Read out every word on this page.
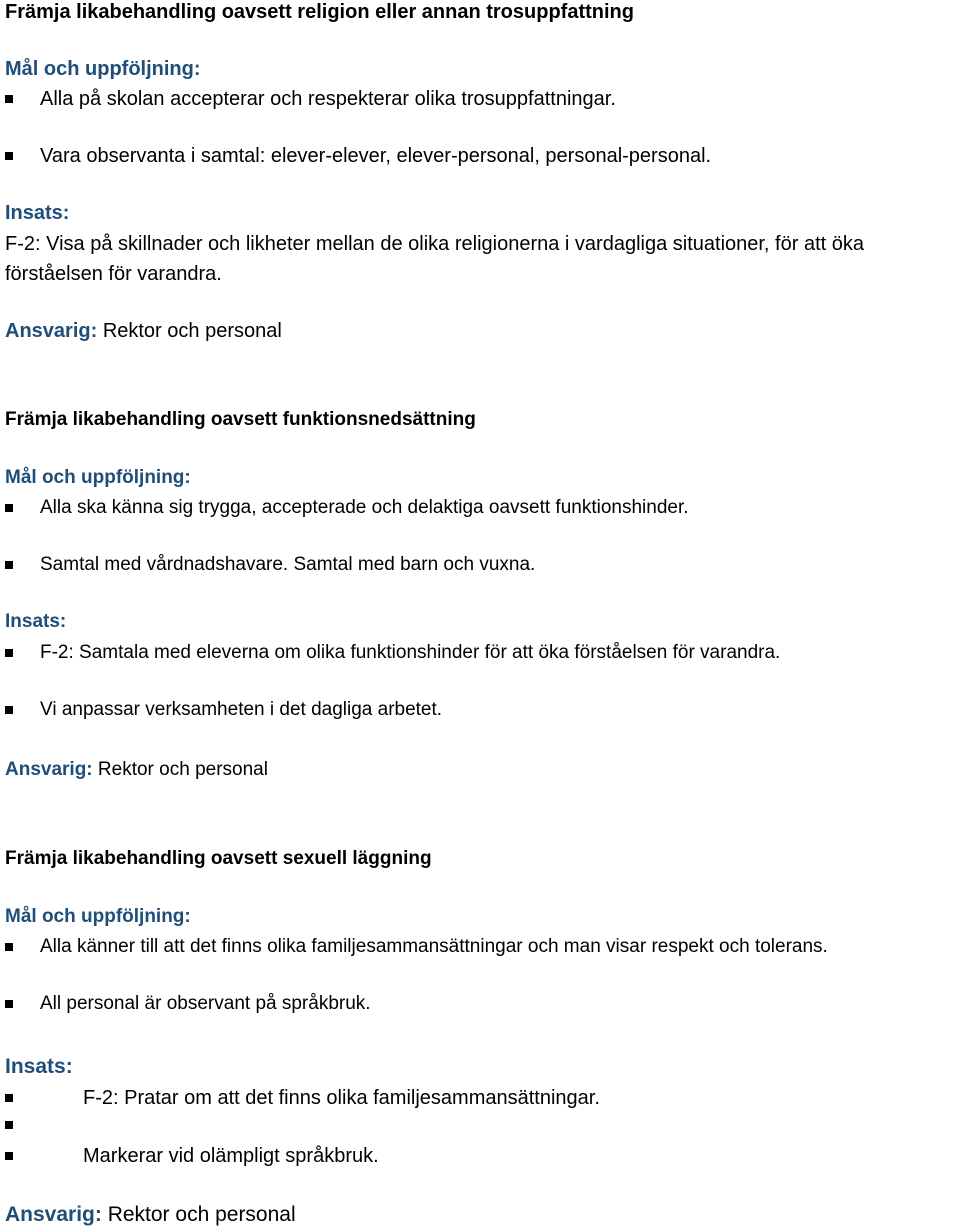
Främja likabehandling oavsett religion eller annan trosuppfattning
Mål och uppföljning:
Alla på skolan accepterar och respekterar olika trosuppfattningar.
Vara observanta i samtal: elever-elever, elever-personal, personal-personal.
Insats:
F-2: Visa på skillnader och likheter mellan de olika religionerna i vardagliga situationer, för att öka
förståelsen för varandra.
Ansvarig: Rektor och personal
Främja likabehandling oavsett funktionsnedsättning
Mål och uppföljning:
Alla ska känna sig trygga, accepterade och delaktiga oavsett funktionshinder.
Samtal med vårdnadshavare. Samtal med barn och vuxna.
Insats:
F-2: Samtala med eleverna om olika funktionshinder för att öka förståelsen för varandra.
Vi anpassar verksamheten i det dagliga arbetet.
Ansvarig: Rektor och personal
Främja likabehandling oavsett sexuell läggning
Mål och uppföljning:
Alla känner till att det finns olika familjesammansättningar och man visar respekt och tolerans.
All personal är observant på språkbruk.
Insats:
F-2: Pratar om att det finns olika familjesammansättningar.
Markerar vid olämpligt språkbruk.
Ansvarig: Rektor och personal
